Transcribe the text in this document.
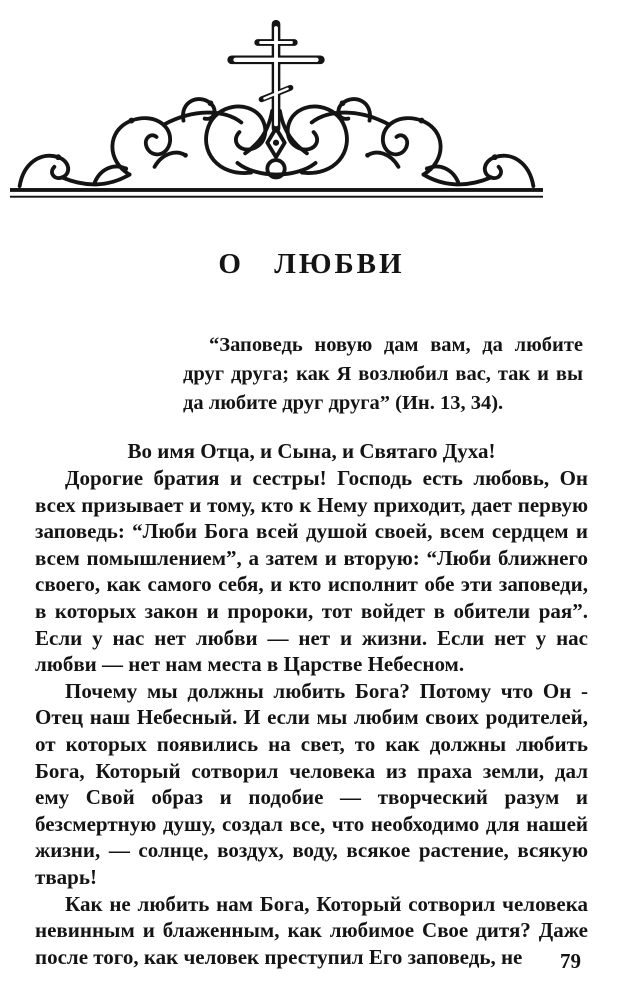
О ЛЮБВИ
“Заповедь новую дам вам, да любите друг друга; как Я возлюбил вас, так и вы да любите друг друга” (Ин. 13, 34).
Во имя Отца, и Сына, и Святаго Духа!

Дорогие братия и сестры! Господь есть любовь, Он всех призывает и тому, кто к Нему приходит, дает первую заповедь: “Люби Бога всей душой своей, всем сердцем и всем помышлением”, а затем и вторую: “Люби ближнего своего, как самого себя, и кто исполнит обе эти заповеди, в которых закон и пророки, тот войдет в обители рая”. Если у нас нет любви — нет и жизни. Если нет у нас любви — нет нам места в Царстве Небесном.

Почему мы должны любить Бога? Потому что Он - Отец наш Небесный. И если мы любим своих родителей, от которых появились на свет, то как должны любить Бога, Который сотворил человека из праха земли, дал ему Свой образ и подобие — творческий разум и безсмертную душу, создал все, что необходимо для нашей жизни, — солнце, воздух, воду, всякое растение, всякую тварь!

Как не любить нам Бога, Который сотворил человека невинным и блаженным, как любимое Свое дитя? Даже после того, как человек преступил Его заповедь, не	79
